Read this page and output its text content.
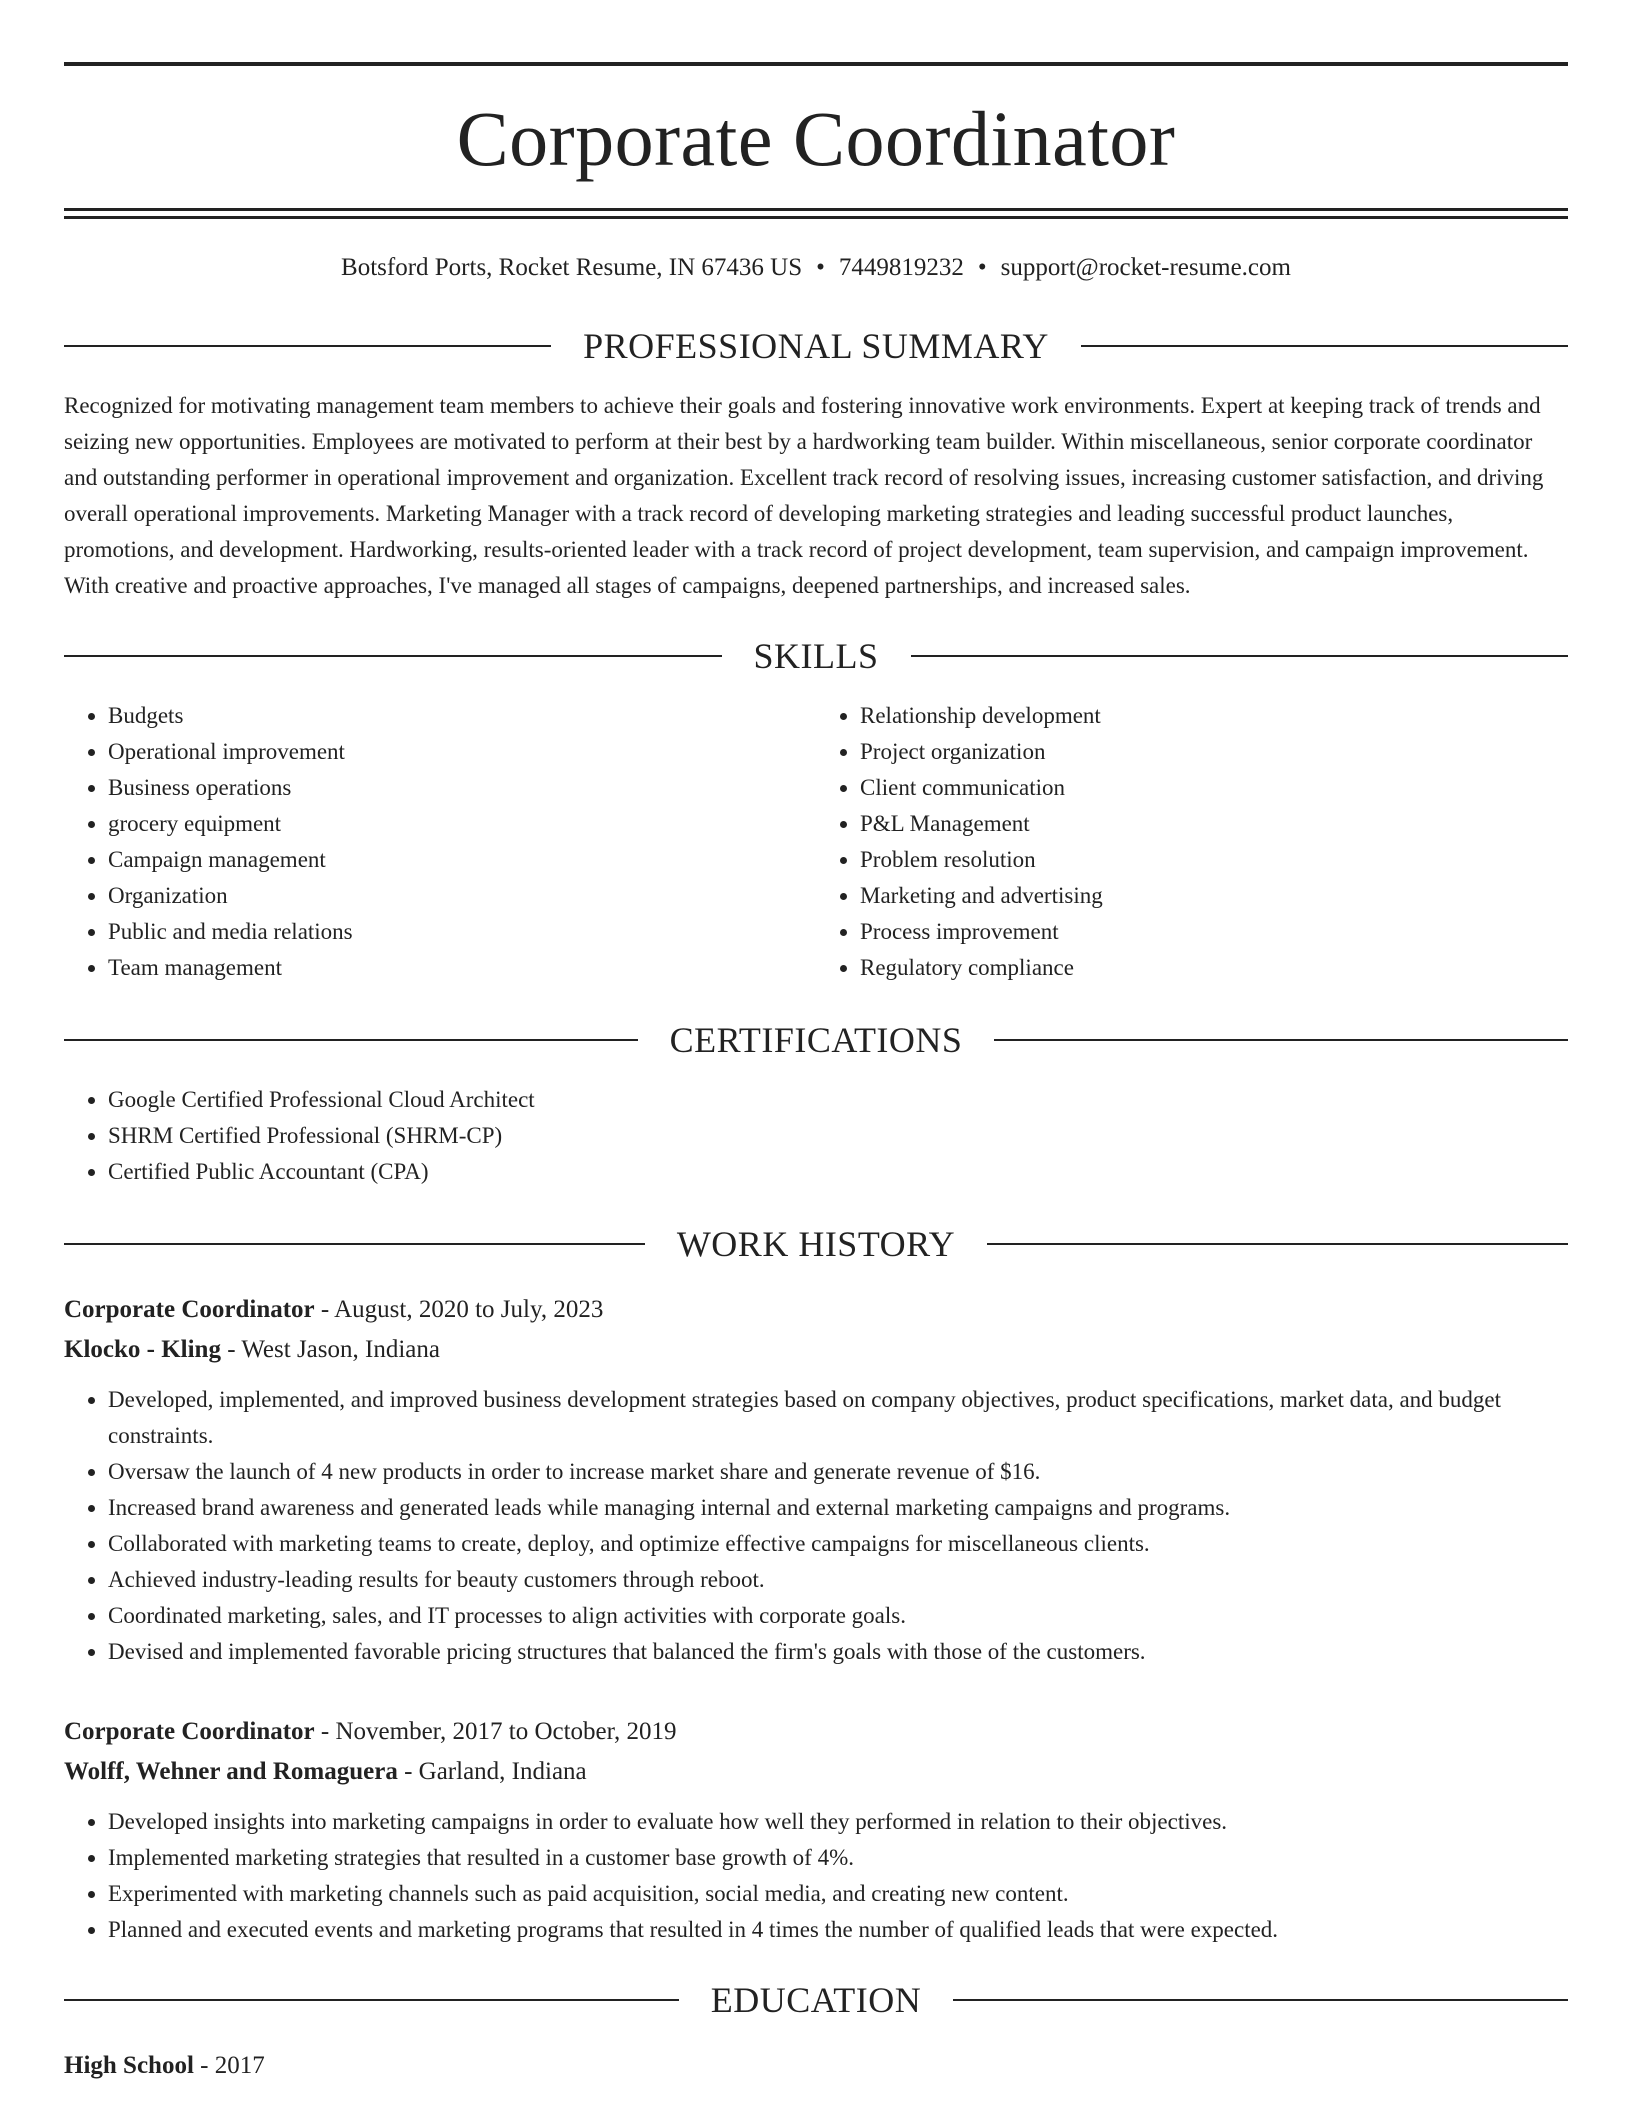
Corporate Coordinator
Botsford Ports, Rocket Resume, IN 67436 US • 7449819232 • support@rocket-resume.com
PROFESSIONAL SUMMARY
Recognized for motivating management team members to achieve their goals and fostering innovative work environments. Expert at keeping track of trends and seizing new opportunities. Employees are motivated to perform at their best by a hardworking team builder. Within miscellaneous, senior corporate coordinator and outstanding performer in operational improvement and organization. Excellent track record of resolving issues, increasing customer satisfaction, and driving overall operational improvements. Marketing Manager with a track record of developing marketing strategies and leading successful product launches, promotions, and development. Hardworking, results-oriented leader with a track record of project development, team supervision, and campaign improvement. With creative and proactive approaches, I've managed all stages of campaigns, deepened partnerships, and increased sales.
SKILLS
• Budgets
• Operational improvement
• Business operations
• grocery equipment
• Campaign management
• Organization
• Public and media relations
• Team management
• Relationship development
• Project organization
• Client communication
• P&L Management
• Problem resolution
• Marketing and advertising
• Process improvement
• Regulatory compliance
CERTIFICATIONS
• Google Certified Professional Cloud Architect
• SHRM Certified Professional (SHRM-CP)
• Certified Public Accountant (CPA)
WORK HISTORY
Corporate Coordinator - August, 2020 to July, 2023
Klocko - Kling - West Jason, Indiana
• Developed, implemented, and improved business development strategies based on company objectives, product specifications, market data, and budget constraints.
• Oversaw the launch of 4 new products in order to increase market share and generate revenue of $16.
• Increased brand awareness and generated leads while managing internal and external marketing campaigns and programs.
• Collaborated with marketing teams to create, deploy, and optimize effective campaigns for miscellaneous clients.
• Achieved industry-leading results for beauty customers through reboot.
• Coordinated marketing, sales, and IT processes to align activities with corporate goals.
• Devised and implemented favorable pricing structures that balanced the firm's goals with those of the customers.
Corporate Coordinator - November, 2017 to October, 2019
Wolff, Wehner and Romaguera - Garland, Indiana
• Developed insights into marketing campaigns in order to evaluate how well they performed in relation to their objectives.
• Implemented marketing strategies that resulted in a customer base growth of 4%.
• Experimented with marketing channels such as paid acquisition, social media, and creating new content.
• Planned and executed events and marketing programs that resulted in 4 times the number of qualified leads that were expected.
EDUCATION
High School - 2017
